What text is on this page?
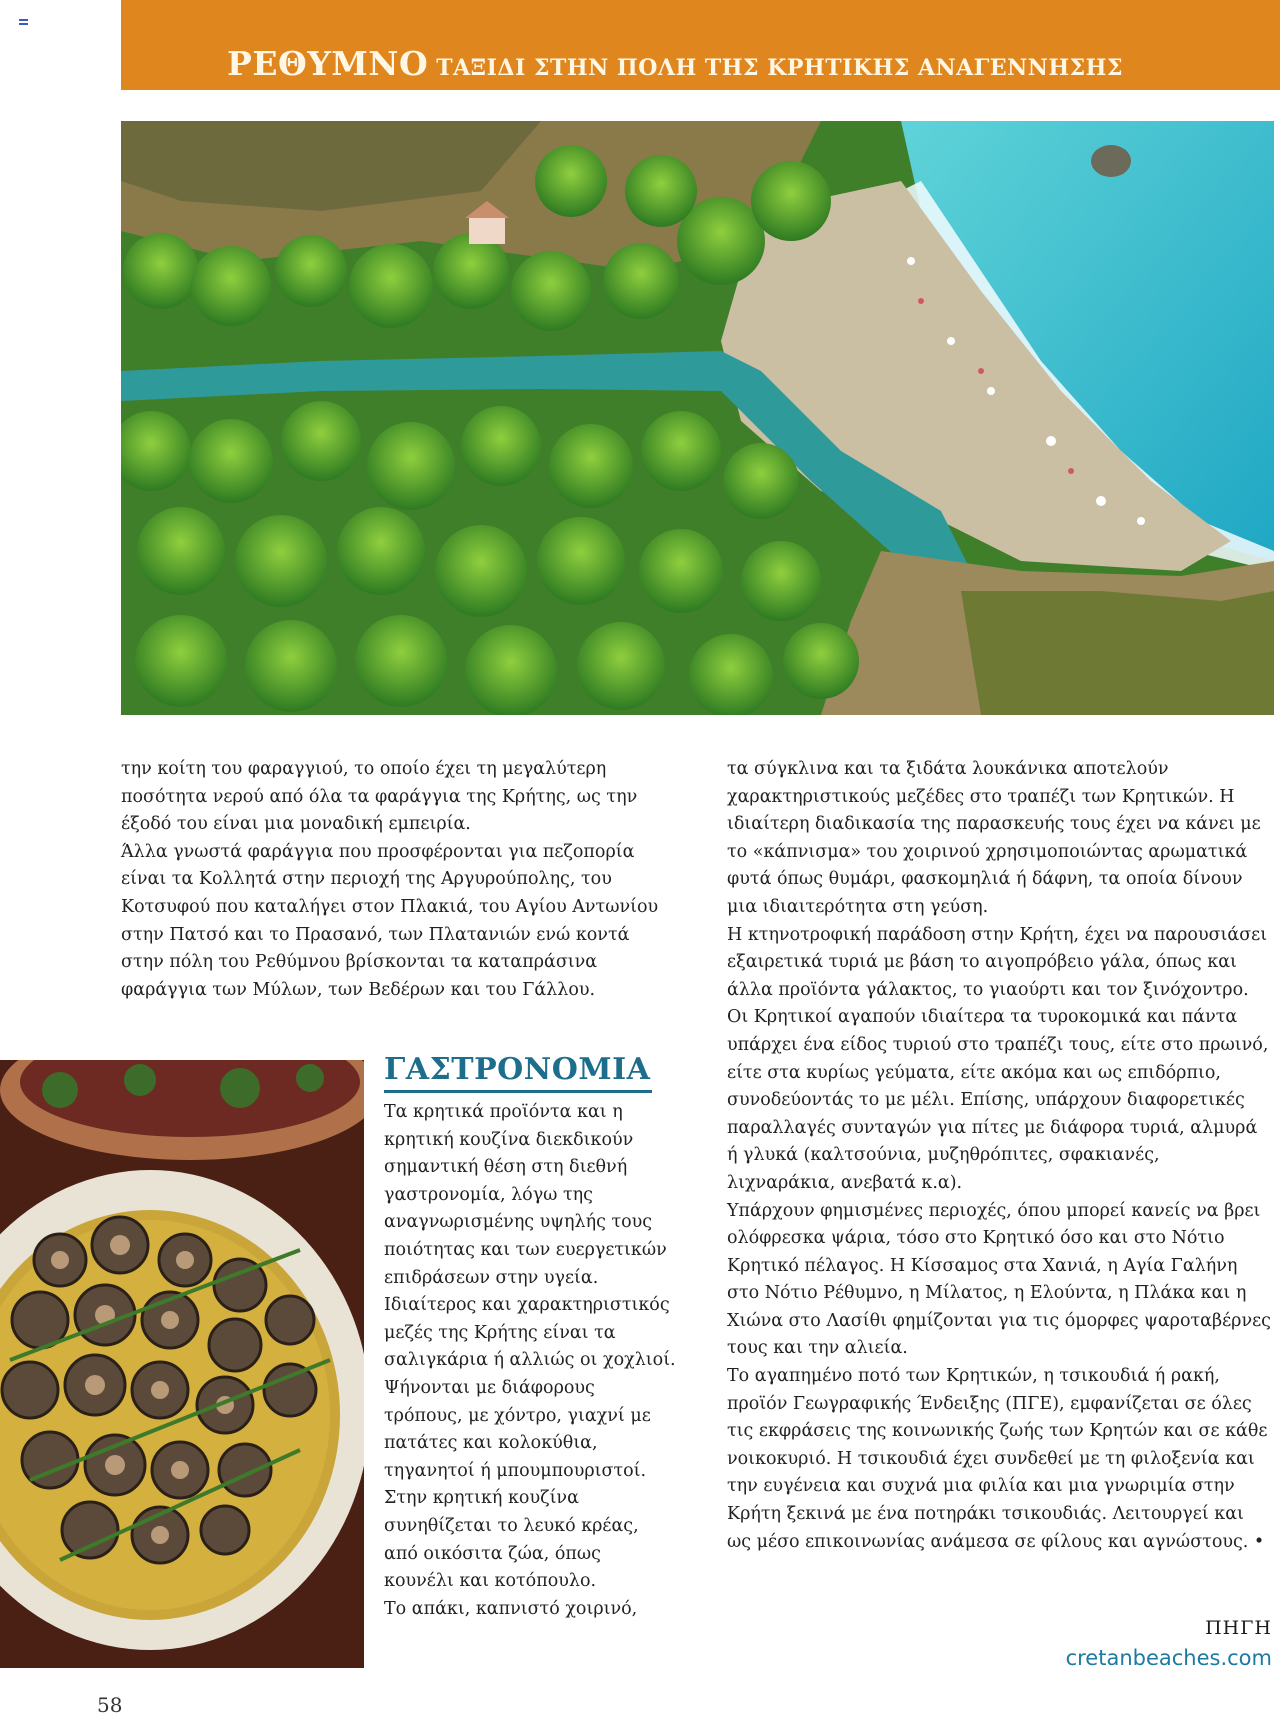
ΡΕΘΥΜΝΟ ΤΑΞΙΔΙ ΣΤΗΝ ΠΟΛΗ ΤΗΣ ΚΡΗΤΙΚΗΣ ΑΝΑΓΕΝΝΗΣΗΣ

την κοίτη του φαραγγιού, το οποίο έχει τη μεγαλύτερη ποσότητα νερού από όλα τα φαράγγια της Κρήτης, ως την έξοδό του είναι μια μοναδική εμπειρία.

Άλλα γνωστά φαράγγια που προσφέρονται για πεζοπορία είναι τα Κολλητά στην περιοχή της Αργυρούπολης, του Κοτσυφού που καταλήγει στον Πλακιά, του Αγίου Αντωνίου στην Πατσό και το Πρασανό, των Πλατανιών ενώ κοντά στην πόλη του Ρεθύμνου βρίσκονται τα καταπράσινα φαράγγια των Μύλων, των Βεδέρων και του Γάλλου.

ΓΑΣΤΡΟΝΟΜΙΑ

Τα κρητικά προϊόντα και η κρητική κουζίνα διεκδικούν σημαντική θέση στη διεθνή γαστρονομία, λόγω της αναγνωρισμένης υψηλής τους ποιότητας και των ευεργετικών επιδράσεων στην υγεία.

Ιδιαίτερος και χαρακτηριστικός μεζές της Κρήτης είναι τα σαλιγκάρια ή αλλιώς οι χοχλιοί. Ψήνονται με διάφορους τρόπους, με χόντρο, γιαχνί με πατάτες και κολοκύθια, τηγανητοί ή μπουμπουριστοί.

Στην κρητική κουζίνα συνηθίζεται το λευκό κρέας, από οικόσιτα ζώα, όπως κουνέλι και κοτόπουλο.

Το απάκι, καπνιστό χοιρινό,

τα σύγκλινα και τα ξιδάτα λουκάνικα αποτελούν χαρακτηριστικούς μεζέδες στο τραπέζι των Κρητικών. Η ιδιαίτερη διαδικασία της παρασκευής τους έχει να κάνει με το «κάπνισμα» του χοιρινού χρησιμοποιώντας αρωματικά φυτά όπως θυμάρι, φασκομηλιά ή δάφνη, τα οποία δίνουν μια ιδιαιτερότητα στη γεύση.

Η κτηνοτροφική παράδοση στην Κρήτη, έχει να παρουσιάσει εξαιρετικά τυριά με βάση το αιγοπρόβειο γάλα, όπως και άλλα προϊόντα γάλακτος, το γιαούρτι και τον ξινόχοντρο. Οι Κρητικοί αγαπούν ιδιαίτερα τα τυροκομικά και πάντα υπάρχει ένα είδος τυριού στο τραπέζι τους, είτε στο πρωινό, είτε στα κυρίως γεύματα, είτε ακόμα και ως επιδόρπιο, συνοδεύοντάς το με μέλι. Επίσης, υπάρχουν διαφορετικές παραλλαγές συνταγών για πίτες με διάφορα τυριά, αλμυρά ή γλυκά (καλτσούνια, μυζηθρόπιτες, σφακιανές, λιχναράκια, ανεβατά κ.α).

Υπάρχουν φημισμένες περιοχές, όπου μπορεί κανείς να βρει ολόφρεσκα ψάρια, τόσο στο Κρητικό όσο και στο Νότιο Κρητικό πέλαγος. Η Κίσσαμος στα Χανιά, η Αγία Γαλήνη στο Νότιο Ρέθυμνο, η Μίλατος, η Ελούντα, η Πλάκα και η Χιώνα στο Λασίθι φημίζονται για τις όμορφες ψαροταβέρνες τους και την αλιεία.

Το αγαπημένο ποτό των Κρητικών, η τσικουδιά ή ρακή, προϊόν Γεωγραφικής Ένδειξης (ΠΓΕ), εμφανίζεται σε όλες τις εκφράσεις της κοινωνικής ζωής των Κρητών και σε κάθε νοικοκυριό. Η τσικουδιά έχει συνδεθεί με τη φιλοξενία και την ευγένεια και συχνά μια φιλία και μια γνωριμία στην Κρήτη ξεκινά με ένα ποτηράκι τσικουδιάς. Λειτουργεί και ως μέσο επικοινωνίας ανάμεσα σε φίλους και αγνώστους. •

ΠΗΓΗ
cretanbeaches.com
58
